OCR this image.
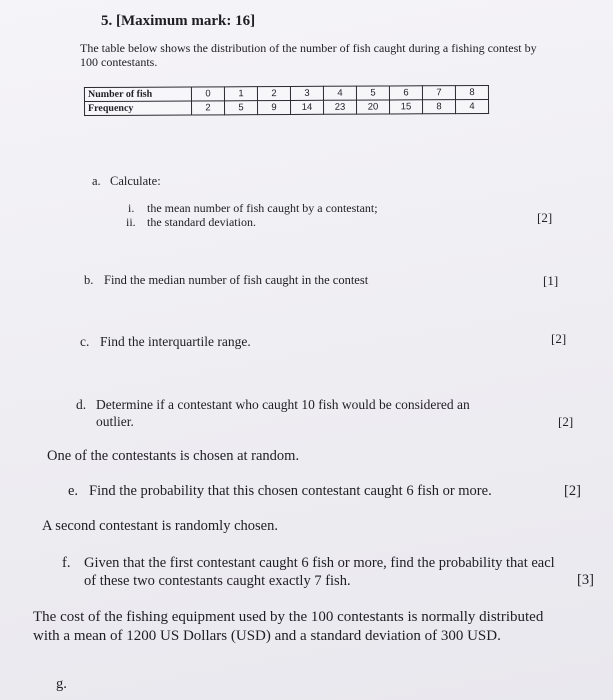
5. [Maximum mark: 16]
The table below shows the distribution of the number of fish caught during a fishing contest by 100 contestants.
Number of fish	0	1	2	3	4	5	6	7	8
Frequency	2	5	9	14	23	20	15	8	4
a. Calculate:
i. the mean number of fish caught by a contestant;
ii. the standard deviation.	[2]
b. Find the median number of fish caught in the contest	[1]
c. Find the interquartile range.	[2]
d. Determine if a contestant who caught 10 fish would be considered an
outlier.	[2]
One of the contestants is chosen at random.
e. Find the probability that this chosen contestant caught 6 fish or more.	[2]
A second contestant is randomly chosen.
f. Given that the first contestant caught 6 fish or more, find the probability that eacl
of these two contestants caught exactly 7 fish.	[3]
The cost of the fishing equipment used by the 100 contestants is normally distributed
with a mean of 1200 US Dollars (USD) and a standard deviation of 300 USD.
g.
